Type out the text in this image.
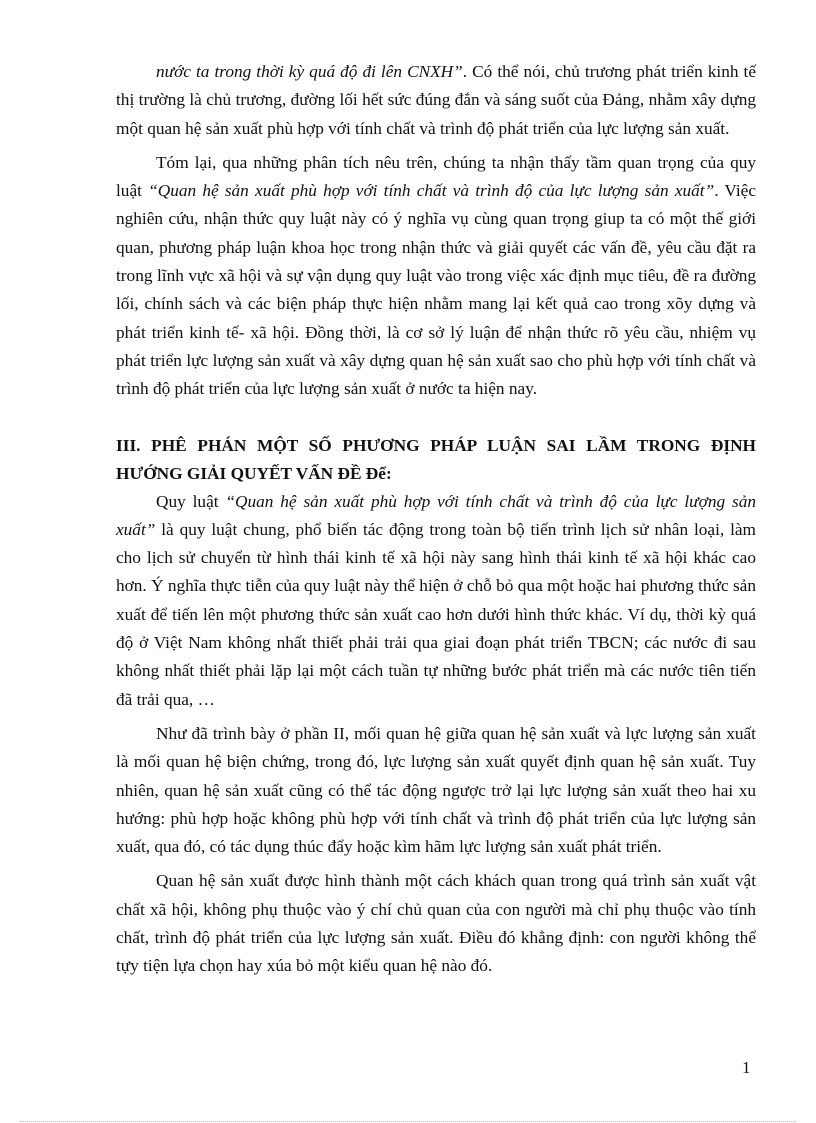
nước ta trong thời kỳ quá độ đi lên CNXH”. Có thể nói, chủ trương phát triển kinh tế thị trường là chủ trương, đường lối hết sức đúng đắn và sáng suốt của Đảng, nhằm xây dựng một quan hệ sản xuất phù hợp với tính chất và trình độ phát triển của lực lượng sản xuất.

Tóm lại, qua những phân tích nêu trên, chúng ta nhận thấy tầm quan trọng của quy luật “Quan hệ sản xuất phù hợp với tính chất và trình độ của lực lượng sản xuất”. Việc nghiên cứu, nhận thức quy luật này có ý nghĩa vụ cùng quan trọng giup ta có một thế giới quan, phương pháp luận khoa học trong nhận thức và giải quyết các vấn đề, yêu cầu đặt ra trong lĩnh vực xã hội và sự vận dụng quy luật vào trong việc xác định mục tiêu, đề ra đường lối, chính sách và các biện pháp thực hiện nhằm mang lại kết quả cao trong xõy dựng và phát triển kinh tế- xã hội. Đồng thời, là cơ sở lý luận để nhận thức rõ yêu cầu, nhiệm vụ phát triển lực lượng sản xuất và xây dựng quan hệ sản xuất sao cho phù hợp với tính chất và trình độ phát triển của lực lượng sản xuất ở nước ta hiện nay.

III. PHÊ PHÁN MỘT SỐ PHƯƠNG PHÁP LUẬN SAI LẦM TRONG ĐỊNH HƯỚNG GIẢI QUYẾT VẤN ĐỀ Để:

Quy luật “Quan hệ sản xuất phù hợp với tính chất và trình độ của lực lượng sản xuất” là quy luật chung, phổ biến tác động trong toàn bộ tiến trình lịch sử nhân loại, làm cho lịch sử chuyển từ hình thái kinh tế xã hội này sang hình thái kinh tế xã hội khác cao hơn. Ý nghĩa thực tiễn của quy luật này thể hiện ở chỗ bỏ qua một hoặc hai phương thức sản xuất để tiến lên một phương thức sản xuất cao hơn dưới hình thức khác. Ví dụ, thời kỳ quá độ ở Việt Nam không nhất thiết phải trải qua giai đoạn phát triển TBCN; các nước đi sau không nhất thiết phải lặp lại một cách tuần tự những bước phát triển mà các nước tiên tiến đã trải qua, …

Như đã trình bày ở phần II, mối quan hệ giữa quan hệ sản xuất và lực lượng sản xuất là mối quan hệ biện chứng, trong đó, lực lượng sản xuất quyết định quan hệ sản xuất. Tuy nhiên, quan hệ sản xuất cũng có thể tác động ngược trở lại lực lượng sản xuất theo hai xu hướng: phù hợp hoặc không phù hợp với tính chất và trình độ phát triển của lực lượng sản xuất, qua đó, có tác dụng thúc đẩy hoặc kìm hãm lực lượng sản xuất phát triển.

Quan hệ sản xuất được hình thành một cách khách quan trong quá trình sản xuất vật chất xã hội, không phụ thuộc vào ý chí chủ quan của con người mà chỉ phụ thuộc vào tính chất, trình độ phát triển của lực lượng sản xuất. Điều đó khẳng định: con người không thể tựy tiện lựa chọn hay xúa bỏ một kiểu quan hệ nào đó.

1
